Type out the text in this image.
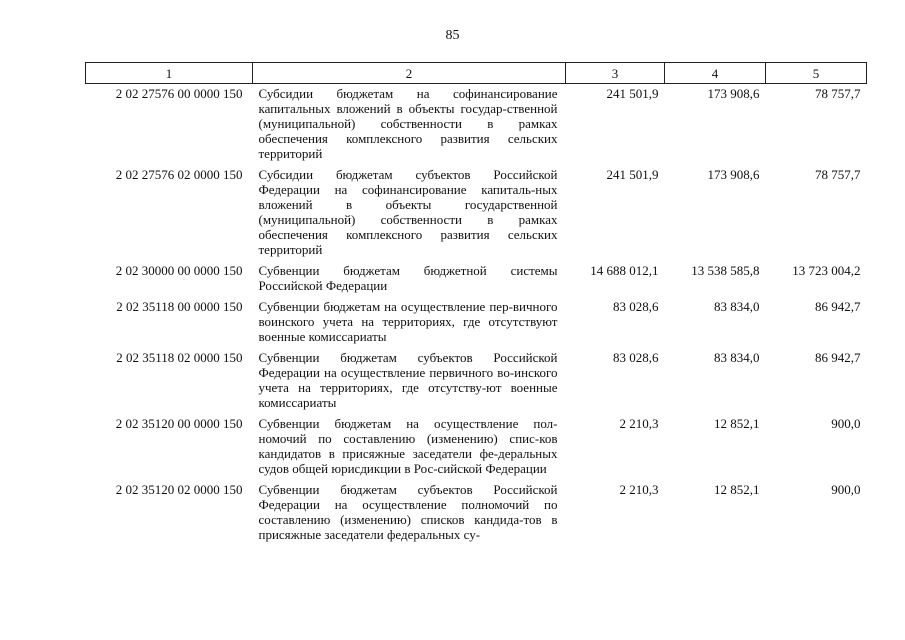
85
1	2	3	4	5
2 02 27576 00 0000 150	Субсидии бюджетам на софинансирование капитальных вложений в объекты государ-ственной (муниципальной) собственности в рамках обеспечения комплексного развития сельских территорий	241 501,9	173 908,6	78 757,7
2 02 27576 02 0000 150	Субсидии бюджетам субъектов Российской Федерации на софинансирование капиталь-ных вложений в объекты государственной (муниципальной) собственности в рамках обеспечения комплексного развития сельских территорий	241 501,9	173 908,6	78 757,7
2 02 30000 00 0000 150	Субвенции бюджетам бюджетной системы Российской Федерации	14 688 012,1	13 538 585,8	13 723 004,2
2 02 35118 00 0000 150	Субвенции бюджетам на осуществление пер-вичного воинского учета на территориях, где отсутствуют военные комиссариаты	83 028,6	83 834,0	86 942,7
2 02 35118 02 0000 150	Субвенции бюджетам субъектов Российской Федерации на осуществление первичного во-инского учета на территориях, где отсутству-ют военные комиссариаты	83 028,6	83 834,0	86 942,7
2 02 35120 00 0000 150	Субвенции бюджетам на осуществление пол-номочий по составлению (изменению) спис-ков кандидатов в присяжные заседатели фе-деральных судов общей юрисдикции в Рос-сийской Федерации	2 210,3	12 852,1	900,0
2 02 35120 02 0000 150	Субвенции бюджетам субъектов Российской Федерации на осуществление полномочий по составлению (изменению) списков кандида-тов в присяжные заседатели федеральных су-	2 210,3	12 852,1	900,0
